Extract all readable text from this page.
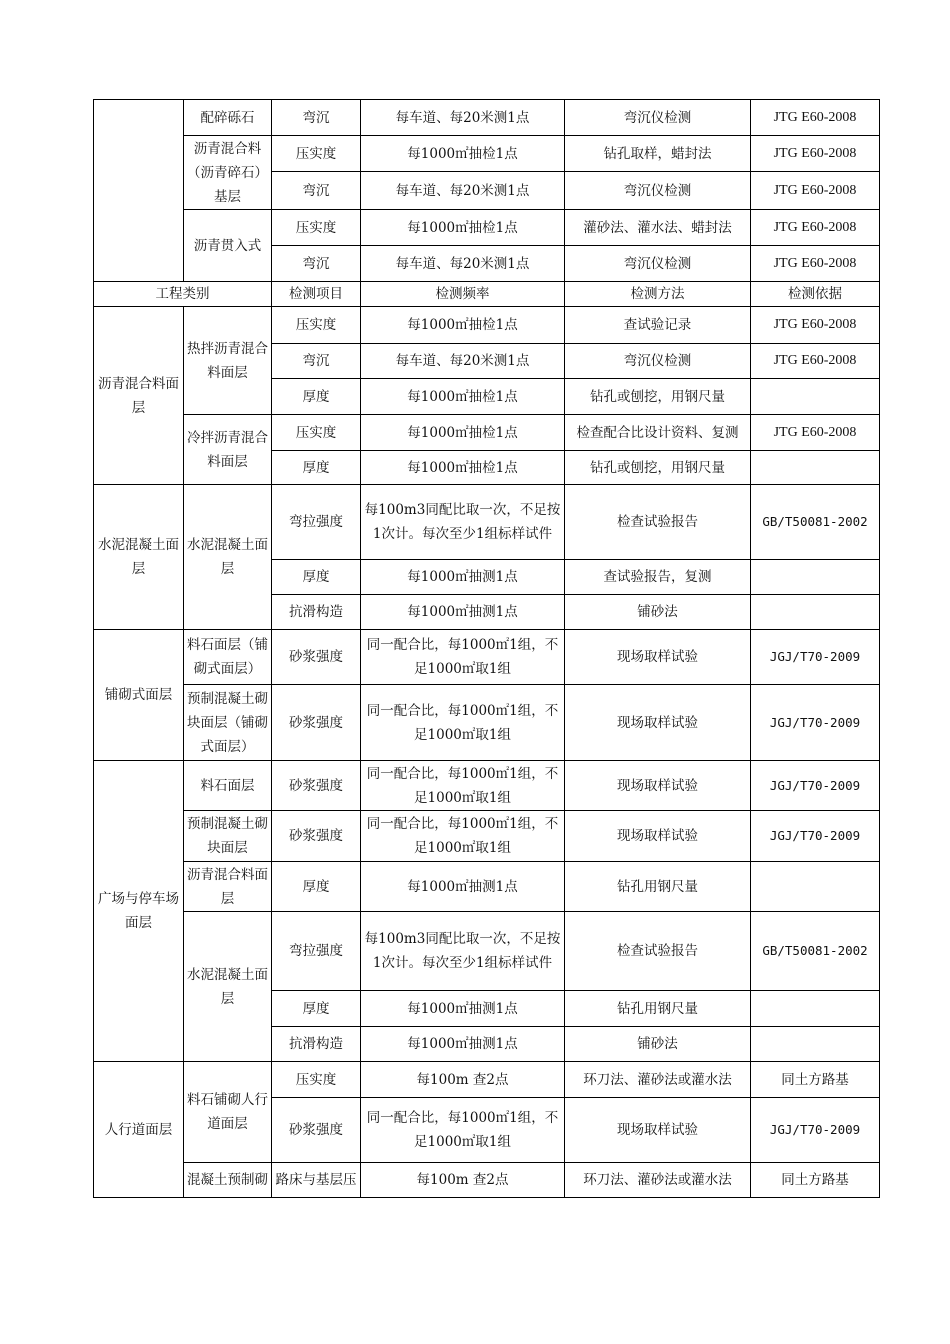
	配碎砾石	弯沉	每车道、每20米测1点	弯沉仪检测	JTG E60-2008
	沥青混合料（沥青碎石）基层	压实度	每1000㎡抽检1点	钻孔取样，蜡封法	JTG E60-2008
		弯沉	每车道、每20米测1点	弯沉仪检测	JTG E60-2008
	沥青贯入式	压实度	每1000㎡抽检1点	灌砂法、灌水法、蜡封法	JTG E60-2008
		弯沉	每车道、每20米测1点	弯沉仪检测	JTG E60-2008
工程类别		检测项目	检测频率	检测方法	检测依据
沥青混合料面层	热拌沥青混合料面层	压实度	每1000㎡抽检1点	查试验记录	JTG E60-2008
		弯沉	每车道、每20米测1点	弯沉仪检测	JTG E60-2008
		厚度	每1000㎡抽检1点	钻孔或刨挖，用钢尺量	
	冷拌沥青混合料面层	压实度	每1000㎡抽检1点	检查配合比设计资料、复测	JTG E60-2008
		厚度	每1000㎡抽检1点	钻孔或刨挖，用钢尺量	
水泥混凝土面层	水泥混凝土面层	弯拉强度	每100m3同配比取一次，不足按1次计。每次至少1组标样试件	检查试验报告	GB/T50081-2002
		厚度	每1000㎡抽测1点	查试验报告，复测	
		抗滑构造	每1000㎡抽测1点	铺砂法	
铺砌式面层	料石面层（铺砌式面层）	砂浆强度	同一配合比，每1000㎡1组，不足1000㎡取1组	现场取样试验	JGJ/T70-2009
	预制混凝土砌块面层（铺砌式面层）	砂浆强度	同一配合比，每1000㎡1组，不足1000㎡取1组	现场取样试验	JGJ/T70-2009
广场与停车场面层	料石面层	砂浆强度	同一配合比，每1000㎡1组，不足1000㎡取1组	现场取样试验	JGJ/T70-2009
	预制混凝土砌块面层	砂浆强度	同一配合比，每1000㎡1组，不足1000㎡取1组	现场取样试验	JGJ/T70-2009
	沥青混合料面层	厚度	每1000㎡抽测1点	钻孔用钢尺量	
	水泥混凝土面层	弯拉强度	每100m3同配比取一次，不足按1次计。每次至少1组标样试件	检查试验报告	GB/T50081-2002
		厚度	每1000㎡抽测1点	钻孔用钢尺量	
		抗滑构造	每1000㎡抽测1点	铺砂法	
人行道面层	料石铺砌人行道面层	压实度	每100m 查2点	环刀法、灌砂法或灌水法	同土方路基
		砂浆强度	同一配合比，每1000㎡1组，不足1000㎡取1组	现场取样试验	JGJ/T70-2009
	混凝土预制砌	路床与基层压	每100m 查2点	环刀法、灌砂法或灌水法	同土方路基
